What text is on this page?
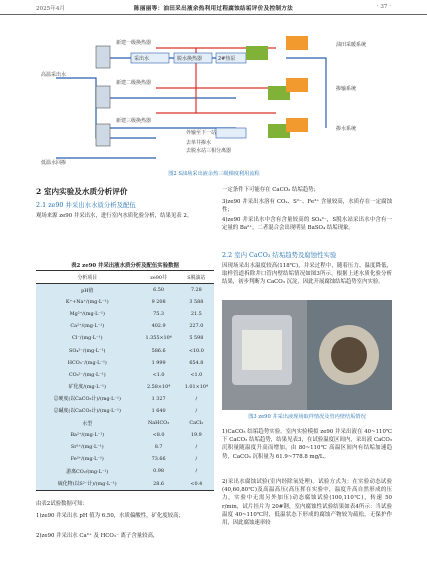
2025年4月	陈丽丽等：油田采出液余热利用过程腐蚀结垢评价及控制方法	· 37 ·
高温采出水
新建一级换热器
新建二级换热器
新建三级换热器
低温水回掺
采出水	脱水换热器	2#热泵
外输至下一站
去单井掺水
去脱水站三相分离器
油田采暖系统
掺输系统
掺水系统
图2 S油场采出液余热三级梯度利用流程
2 室内实验及水质分析评价
2.1 ze90 井采出水水质分析及配伍
观场来源 ze90 井采出水，进行室内水质化验分析，结果见表 2。
表2 ze90 井采出液水质分析及配伍实验数据
分析项目	ze90井	S脱油站
pH值	6.50	7.28
K⁺+Na⁺/(mg·L⁻¹)	9 208	3 588
Mg²⁺/(mg·L⁻¹)	75.3	21.5
Ca²⁺/(mg·L⁻¹)	402.9	227.0
Cl⁻/(mg·L⁻¹)	1.355×10⁴	5 598
SO₄²⁻/(mg·L⁻¹)	586.6	<10.0
HCO₃⁻/(mg·L⁻¹)	1 999	654.8
CO₃²⁻/(mg·L⁻¹)	<1.0	<1.0
矿化度/(mg·L⁻¹)	2.58×10⁴	1.01×10⁴
总硬度(以CaCO₃计)/(mg·L⁻¹)	1 327	/
总碱度(以CaCO₃计)/(mg·L⁻¹)	1 640	/
水型	NaHCO₃	CaCl₂
Ba²⁺/(mg·L⁻¹)	<8.0	19.9
Sr²⁺/(mg·L⁻¹)	8.7	/
Fe³⁺/(mg·L⁻¹)	73.66	/
游离CO₂/(mg·L⁻¹)	0.98	/
硫化物(以S²⁻计)/(mg·L⁻¹)	28.6	<0.4
由表2试验数据可知：
1)ze90 井采出水 pH 值为 6.50，水质偏酸性，矿化度较高；
2)ze90 井采出水 Ca²⁺ 及 HCO₃⁻ 离子含量较高，
一定条件下可能存在 CaCO₃ 结垢趋势；
3)ze90 井采出水溶有 CO₂、S²⁻、Fe³⁺ 含量较高，水质存在一定腐蚀性；
4)ze90 井采出水中含有含量较高的 SO₄²⁻，S脱水站采出水中含有一定量的 Ba²⁺，二者混合会出现明显 BaSO₄ 结垢现象。
2.2 室内 CaCO₃ 结垢趋势及腐蚀性实验
因现场采出水温度较高(118℃)，并采过程中，随着压力、温度降低，取样管道拆除井口管内壁结垢情况如图3所示。根据上述水质化验分析结果，初步判断为 CaCO₃ 沉淀，因此开展腐蚀结垢趋势室内实验。
图3 ze90 井采出液现场取样情况及管内壁结垢情况
1)CaCO₃ 结垢趋势实验。室内实验模拟 ze90 井采出液在 40~110℃下 CaCO₃ 结垢趋势，结果见表3，在试验温度区间内，采出液 CaCO₃ 沉积量随温度升高而增加，由 80~110℃ 高温区间内有结垢加速趋势，CaCO₃ 沉积量为 61.9~778.8 mg/L。
2)采出水腐蚀试验(室内经除氧处理)。试验方式为：在实验动态试验(40,60,80℃)及高温高压(高压挥在实验中，温度升高自然形成的压力，实验中无需另外加压)动态腐蚀试验(100,110℃)，转速 50 r/min，试片挂片为 20#钢，室内腐蚀性试验结果如表4所示：当试验温度 40~110℃时，低温状态下形成的腐蚀产物较为疏松，无保护作用，因此腐蚀速率较
